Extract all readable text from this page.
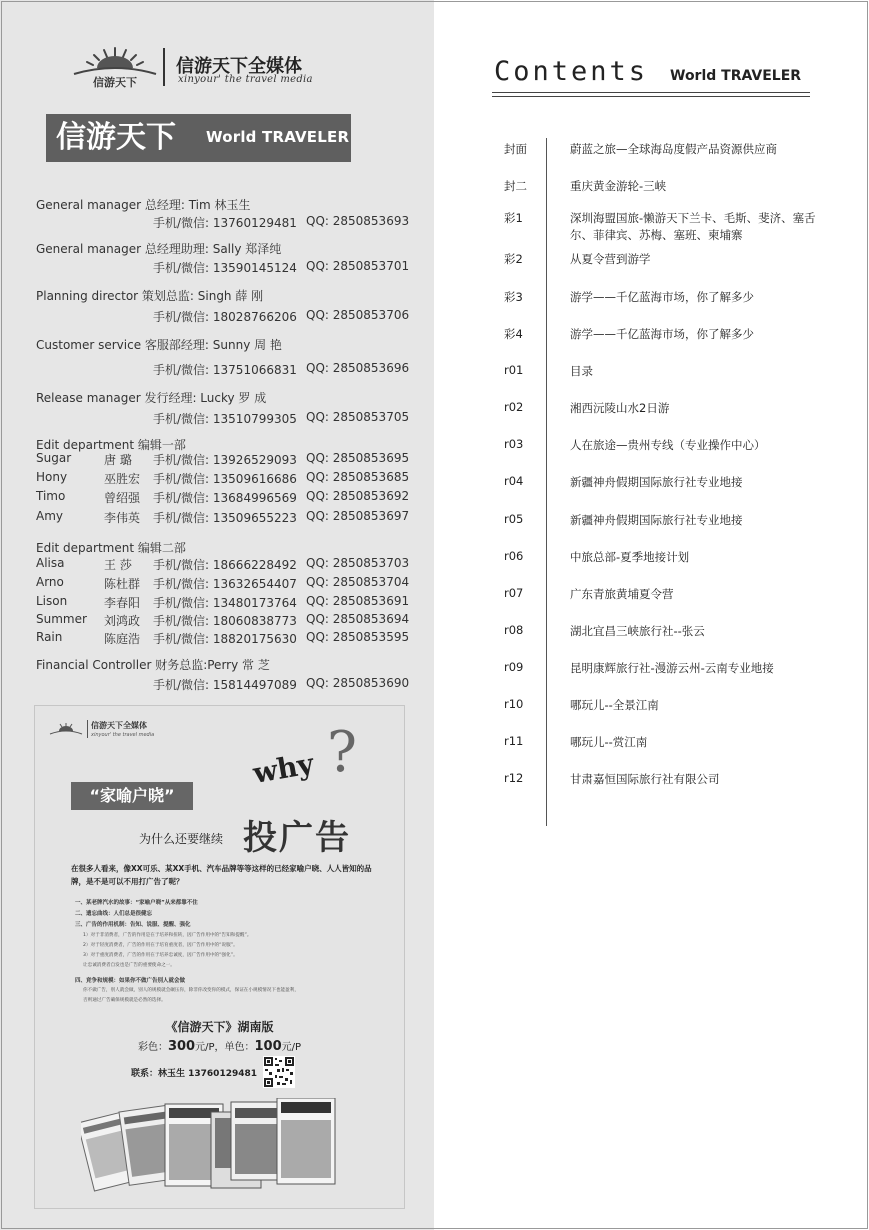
信游天下
信游天下全媒体
xinyour' the travel media
信游天下 World TRAVELER
General manager 总经理: Tim 林玉生
手机/微信: 13760129481 QQ: 2850853693
General manager 总经理助理: Sally 郑泽纯
手机/微信: 13590145124 QQ: 2850853701
Planning director 策划总监: Singh 薛 刚
手机/微信: 18028766206 QQ: 2850853706
Customer service 客服部经理: Sunny 周 艳
手机/微信: 13751066831 QQ: 2850853696
Release manager 发行经理: Lucky 罗 成
手机/微信: 13510799305 QQ: 2850853705
Edit department 编辑一部
Sugar	唐 璐 手机/微信: 13926529093 QQ: 2850853695
Hony	巫胜宏 手机/微信: 13509616686 QQ: 2850853685
Timo	曾绍强 手机/微信: 13684996569 QQ: 2850853692
Amy	李伟英 手机/微信: 13509655223 QQ: 2850853697
Edit department 编辑二部
Alisa	王 莎 手机/微信: 18666228492 QQ: 2850853703
Arno	陈杜群 手机/微信: 13632654407 QQ: 2850853704
Lison	李春阳 手机/微信: 13480173764 QQ: 2850853691
Summer 刘鸿政 手机/微信: 18060838773 QQ: 2850853694
Rain	陈庭浩 手机/微信: 18820175630 QQ: 2850853595
Financial Controller 财务总监:Perry 常 芝
手机/微信: 15814497089 QQ: 2850853690
信游天下全媒体
xinyour' the travel media
why ?
“家喻户晓”
为什么还要继续 投广告
在很多人看来，像XX可乐、某XX手机、汽车品牌等等这样的已经家喻户晓、人人皆知的品牌，是不是可以不用打广告了呢？
一、某老牌汽水的故事：“家喻户晓”从来都靠不住
二、遗忘曲线：人们总是很健忘
三、广告的作用机制：告知、说服、提醒、强化
1）对于非消费者，广告的作用是在于培养和扭转，因广告作用中的“告知和提醒”。
2）对于轻度消费者，广告的作用在于培育重度者，因广告作用中的“说服”。
3）对于重度消费者，广告的作用在于培养忠诚度，因广告作用中的“强化”。
让忠诚消费者自发也是广告的重要使命之一。
四、竞争和规模：如果你不做广告别人就会做
你不做广告，别人就会做，别人的规模就会碾压你，除非你改变你的模式，保证在小规模情况下也能盈利，
否则通过广告确保规模就是必然的选择。
《信游天下》湖南版
彩色：300元/P，单色：100元/P
联系：林玉生 13760129481
Contents World TRAVELER
封面	蔚蓝之旅—全球海岛度假产品资源供应商
封二	重庆黄金游轮-三峡
彩1	深圳海盟国旅-懒游天下兰卡、毛斯、斐济、塞舌尔、菲律宾、苏梅、塞班、柬埔寨
彩2	从夏令营到游学
彩3	游学——千亿蓝海市场，你了解多少
彩4	游学——千亿蓝海市场，你了解多少
r01	目录
r02	湘西沅陵山水2日游
r03	人在旅途—贵州专线（专业操作中心）
r04	新疆神舟假期国际旅行社专业地接
r05	新疆神舟假期国际旅行社专业地接
r06	中旅总部-夏季地接计划
r07	广东青旅黄埔夏令营
r08	湖北宜昌三峡旅行社--张云
r09	昆明康辉旅行社-漫游云州-云南专业地接
r10	哪玩儿--全景江南
r11	哪玩儿--赏江南
r12	甘肃嘉恒国际旅行社有限公司
